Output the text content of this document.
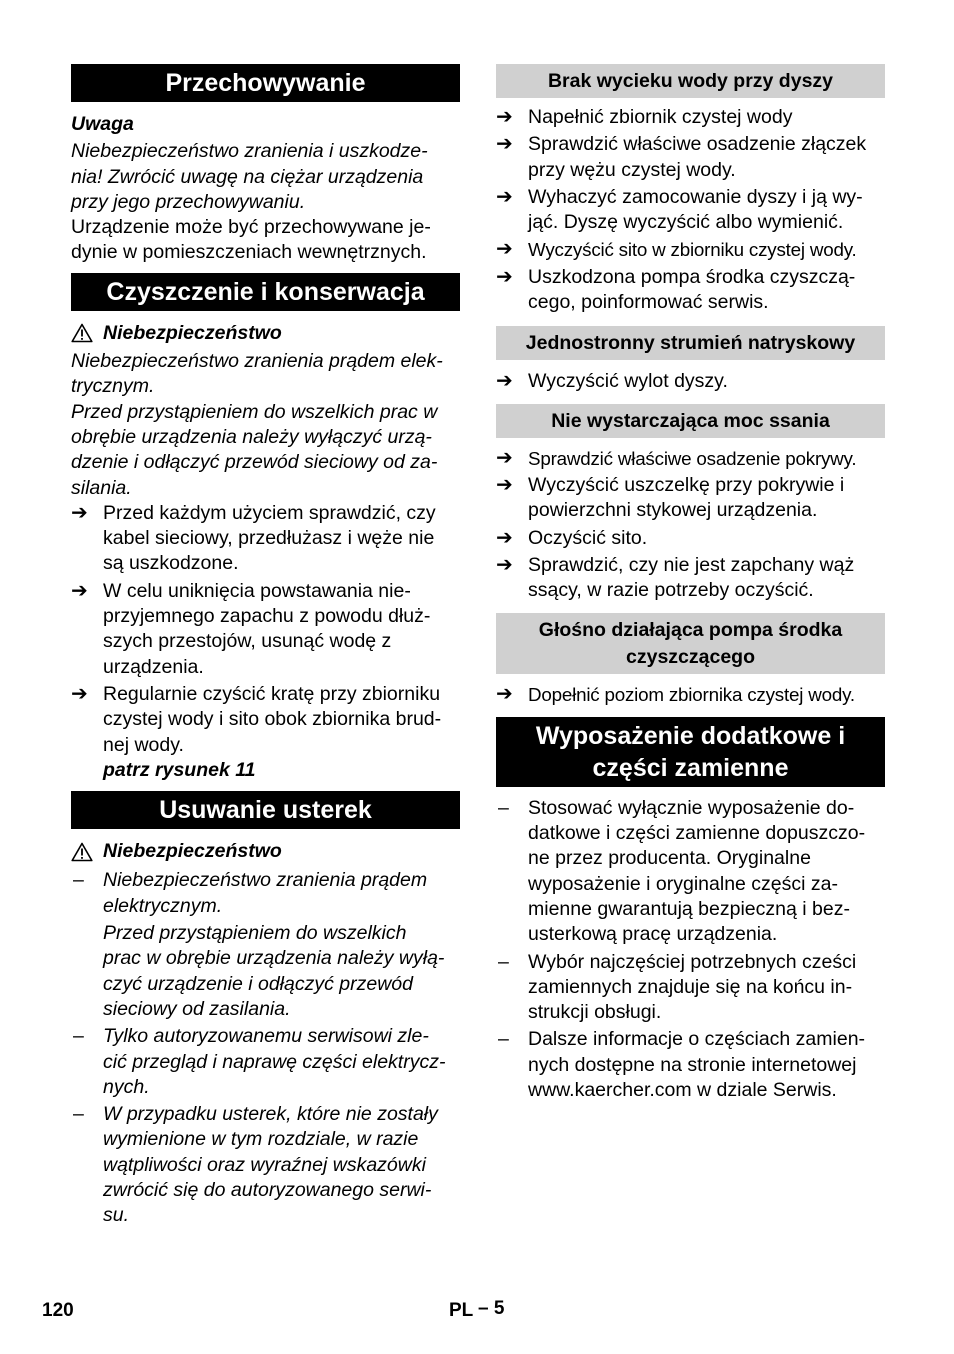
Przechowywanie

Uwaga

Niebezpieczeństwo zranienia i uszkodze-
nia! Zwrócić uwagę na ciężar urządzenia
przy jego przechowywaniu.

Urządzenie może być przechowywane je-
dynie w pomieszczeniach wewnętrznych.

Czyszczenie i konserwacja
Niebezpieczeństwo

Niebezpieczeństwo zranienia prądem elek-
trycznym.
Przed przystąpieniem do wszelkich prac w
obrębie urządzenia należy wyłączyć urzą-
dzenie i odłączyć przewód sieciowy od za-
silania.

➔ Przed każdym użyciem sprawdzić, czy
kabel sieciowy, przedłużasz i węże nie
są uszkodzone.
➔ W celu uniknięcia powstawania nie-
przyjemnego zapachu z powodu dłuż-
szych przestojów, usunąć wodę z
urządzenia.
➔ Regularnie czyścić kratę przy zbiorniku
czystej wody i sito obok zbiornika brud-
nej wody.

patrz rysunek 11

Usuwanie usterek
Niebezpieczeństwo
– Niebezpieczeństwo zranienia prądem
elektrycznym.

Przed przystąpieniem do wszelkich
prac w obrębie urządzenia należy wyłą-
czyć urządzenie i odłączyć przewód
sieciowy od zasilania.

– Tylko autoryzowanemu serwisowi zle-
cić przegląd i naprawę części elektrycz-
nych.
– W przypadku usterek, które nie zostały
wymienione w tym rozdziale, w razie
wątpliwości oraz wyraźnej wskazówki
zwrócić się do autoryzowanego serwi-
su.
Brak wycieku wody przy dyszy
➔ Napełnić zbiornik czystej wody
➔ Sprawdzić właściwe osadzenie złączek
przy wężu czystej wody.
➔ Wyhaczyć zamocowanie dyszy i ją wy-
jąć. Dyszę wyczyścić albo wymienić.
➔ Wyczyścić sito w zbiorniku czystej wody.
➔ Uszkodzona pompa środka czyszczą-
cego, poinformować serwis.
Jednostronny strumień natryskowy
➔ Wyczyścić wylot dyszy.
Nie wystarczająca moc ssania
➔ Sprawdzić właściwe osadzenie pokrywy.
➔ Wyczyścić uszczelkę przy pokrywie i
powierzchni stykowej urządzenia.
➔ Oczyścić sito.
➔ Sprawdzić, czy nie jest zapchany wąż
ssący, w razie potrzeby oczyścić.
Głośno działająca pompa środka
czyszczącego
➔ Dopełnić poziom zbiornika czystej wody.
Wyposażenie dodatkowe i
części zamienne
– Stosować wyłącznie wyposażenie do-
datkowe i części zamienne dopuszczo-
ne przez producenta. Oryginalne
wyposażenie i oryginalne części za-
mienne gwarantują bezpieczną i bez-
usterkową pracę urządzenia.
– Wybór najczęściej potrzebnych cześci
zamiennych znajduje się na końcu in-
strukcji obsługi.
– Dalsze informacje o częściach zamien-
nych dostępne na stronie internetowej
www.kaercher.com w dziale Serwis.
120	PL – 5
